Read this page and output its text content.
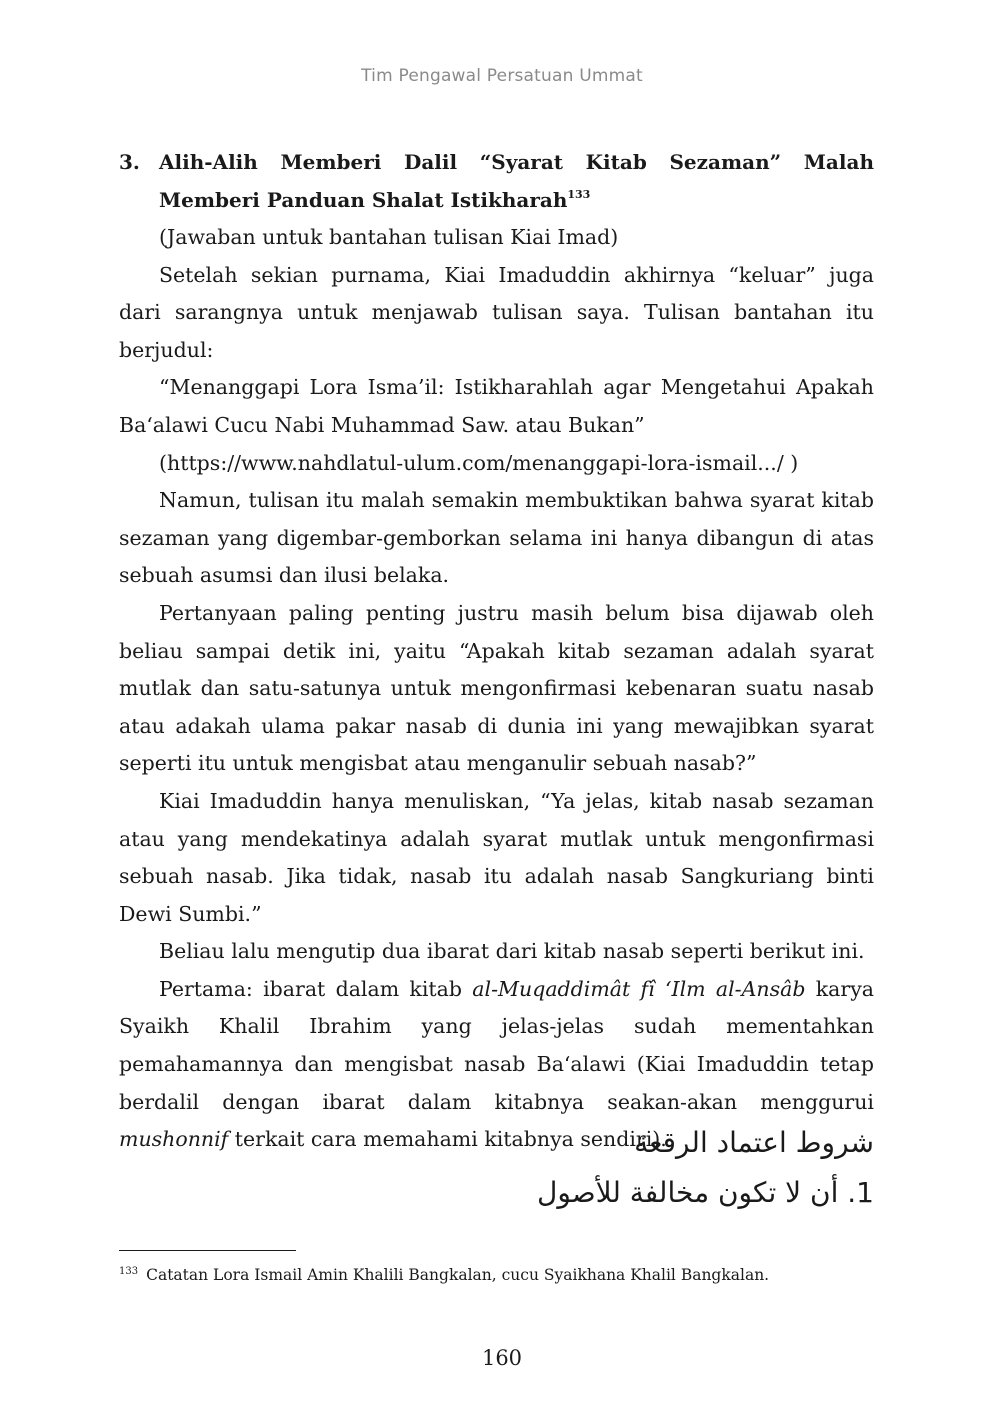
Tim Pengawal Persatuan Ummat
3. Alih-Alih Memberi Dalil “Syarat Kitab Sezaman” Malah Memberi Panduan Shalat Istikharah$^{133}$

(Jawaban untuk bantahan tulisan Kiai Imad)

Setelah sekian purnama, Kiai Imaduddin akhirnya “keluar” juga dari sarangnya untuk menjawab tulisan saya. Tulisan bantahan itu berjudul:

“Menanggapi Lora Isma’il: Istikharahlah agar Mengetahui Apakah Ba‘alawi Cucu Nabi Muhammad Saw. atau Bukan”

(https://www.nahdlatul-ulum.com/menanggapi-lora-ismail.../ )

Namun, tulisan itu malah semakin membuktikan bahwa syarat kitab sezaman yang digembar-gemborkan selama ini hanya dibangun di atas sebuah asumsi dan ilusi belaka.

Pertanyaan paling penting justru masih belum bisa dijawab oleh beliau sampai detik ini, yaitu “Apakah kitab sezaman adalah syarat mutlak dan satu-satunya untuk mengonfirmasi kebenaran suatu nasab atau adakah ulama pakar nasab di dunia ini yang mewajibkan syarat seperti itu untuk mengisbat atau menganulir sebuah nasab?”

Kiai Imaduddin hanya menuliskan, “Ya jelas, kitab nasab sezaman atau yang mendekatinya adalah syarat mutlak untuk mengonfirmasi sebuah nasab. Jika tidak, nasab itu adalah nasab Sangkuriang binti Dewi Sumbi.”

Beliau lalu mengutip dua ibarat dari kitab nasab seperti berikut ini.

Pertama: ibarat dalam kitab al-Muqaddimât fî ‘Ilm al-Ansâb karya Syaikh Khalil Ibrahim yang jelas-jelas sudah mementahkan pemahamannya dan mengisbat nasab Ba‘alawi (Kiai Imaduddin tetap berdalil dengan ibarat dalam kitabnya seakan-akan menggurui mushonnif terkait cara memahami kitabnya sendiri).

شروط اعتماد الرقعة
1. أن لا تكون مخالفة للأصول
$^{133}$ Catatan Lora Ismail Amin Khalili Bangkalan, cucu Syaikhana Khalil Bangkalan.
160
